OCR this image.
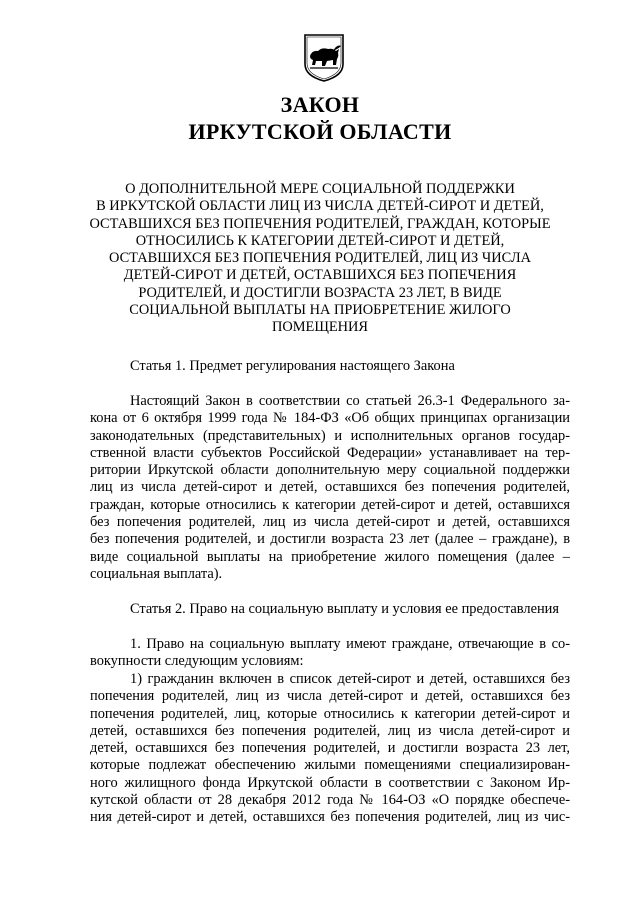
ЗАКОН
ИРКУТСКОЙ ОБЛАСТИ
О ДОПОЛНИТЕЛЬНОЙ МЕРЕ СОЦИАЛЬНОЙ ПОДДЕРЖКИ
В ИРКУТСКОЙ ОБЛАСТИ ЛИЦ ИЗ ЧИСЛА ДЕТЕЙ-СИРОТ И ДЕТЕЙ,
ОСТАВШИХСЯ БЕЗ ПОПЕЧЕНИЯ РОДИТЕЛЕЙ, ГРАЖДАН, КОТОРЫЕ
ОТНОСИЛИСЬ К КАТЕГОРИИ ДЕТЕЙ-СИРОТ И ДЕТЕЙ,
ОСТАВШИХСЯ БЕЗ ПОПЕЧЕНИЯ РОДИТЕЛЕЙ, ЛИЦ ИЗ ЧИСЛА
ДЕТЕЙ-СИРОТ И ДЕТЕЙ, ОСТАВШИХСЯ БЕЗ ПОПЕЧЕНИЯ
РОДИТЕЛЕЙ, И ДОСТИГЛИ ВОЗРАСТА 23 ЛЕТ, В ВИДЕ
СОЦИАЛЬНОЙ ВЫПЛАТЫ НА ПРИОБРЕТЕНИЕ ЖИЛОГО
ПОМЕЩЕНИЯ
Статья 1. Предмет регулирования настоящего Закона
Настоящий Закон в соответствии со статьей 26.3-1 Федерального за-
кона от 6 октября 1999 года № 184-ФЗ «Об общих принципах организации
законодательных (представительных) и исполнительных органов государ-
ственной власти субъектов Российской Федерации» устанавливает на тер-
ритории Иркутской области дополнительную меру социальной поддержки
лиц из числа детей-сирот и детей, оставшихся без попечения родителей,
граждан, которые относились к категории детей-сирот и детей, оставшихся
без попечения родителей, лиц из числа детей-сирот и детей, оставшихся
без попечения родителей, и достигли возраста 23 лет (далее – граждане), в
виде социальной выплаты на приобретение жилого помещения (далее –
социальная выплата).
Статья 2. Право на социальную выплату и условия ее предоставления
1. Право на социальную выплату имеют граждане, отвечающие в со-
вокупности следующим условиям:
1) гражданин включен в список детей-сирот и детей, оставшихся без
попечения родителей, лиц из числа детей-сирот и детей, оставшихся без
попечения родителей, лиц, которые относились к категории детей-сирот и
детей, оставшихся без попечения родителей, лиц из числа детей-сирот и
детей, оставшихся без попечения родителей, и достигли возраста 23 лет,
которые подлежат обеспечению жилыми помещениями специализирован-
ного жилищного фонда Иркутской области в соответствии с Законом Ир-
кутской области от 28 декабря 2012 года № 164-ОЗ «О порядке обеспече-
ния детей-сирот и детей, оставшихся без попечения родителей, лиц из чис-
